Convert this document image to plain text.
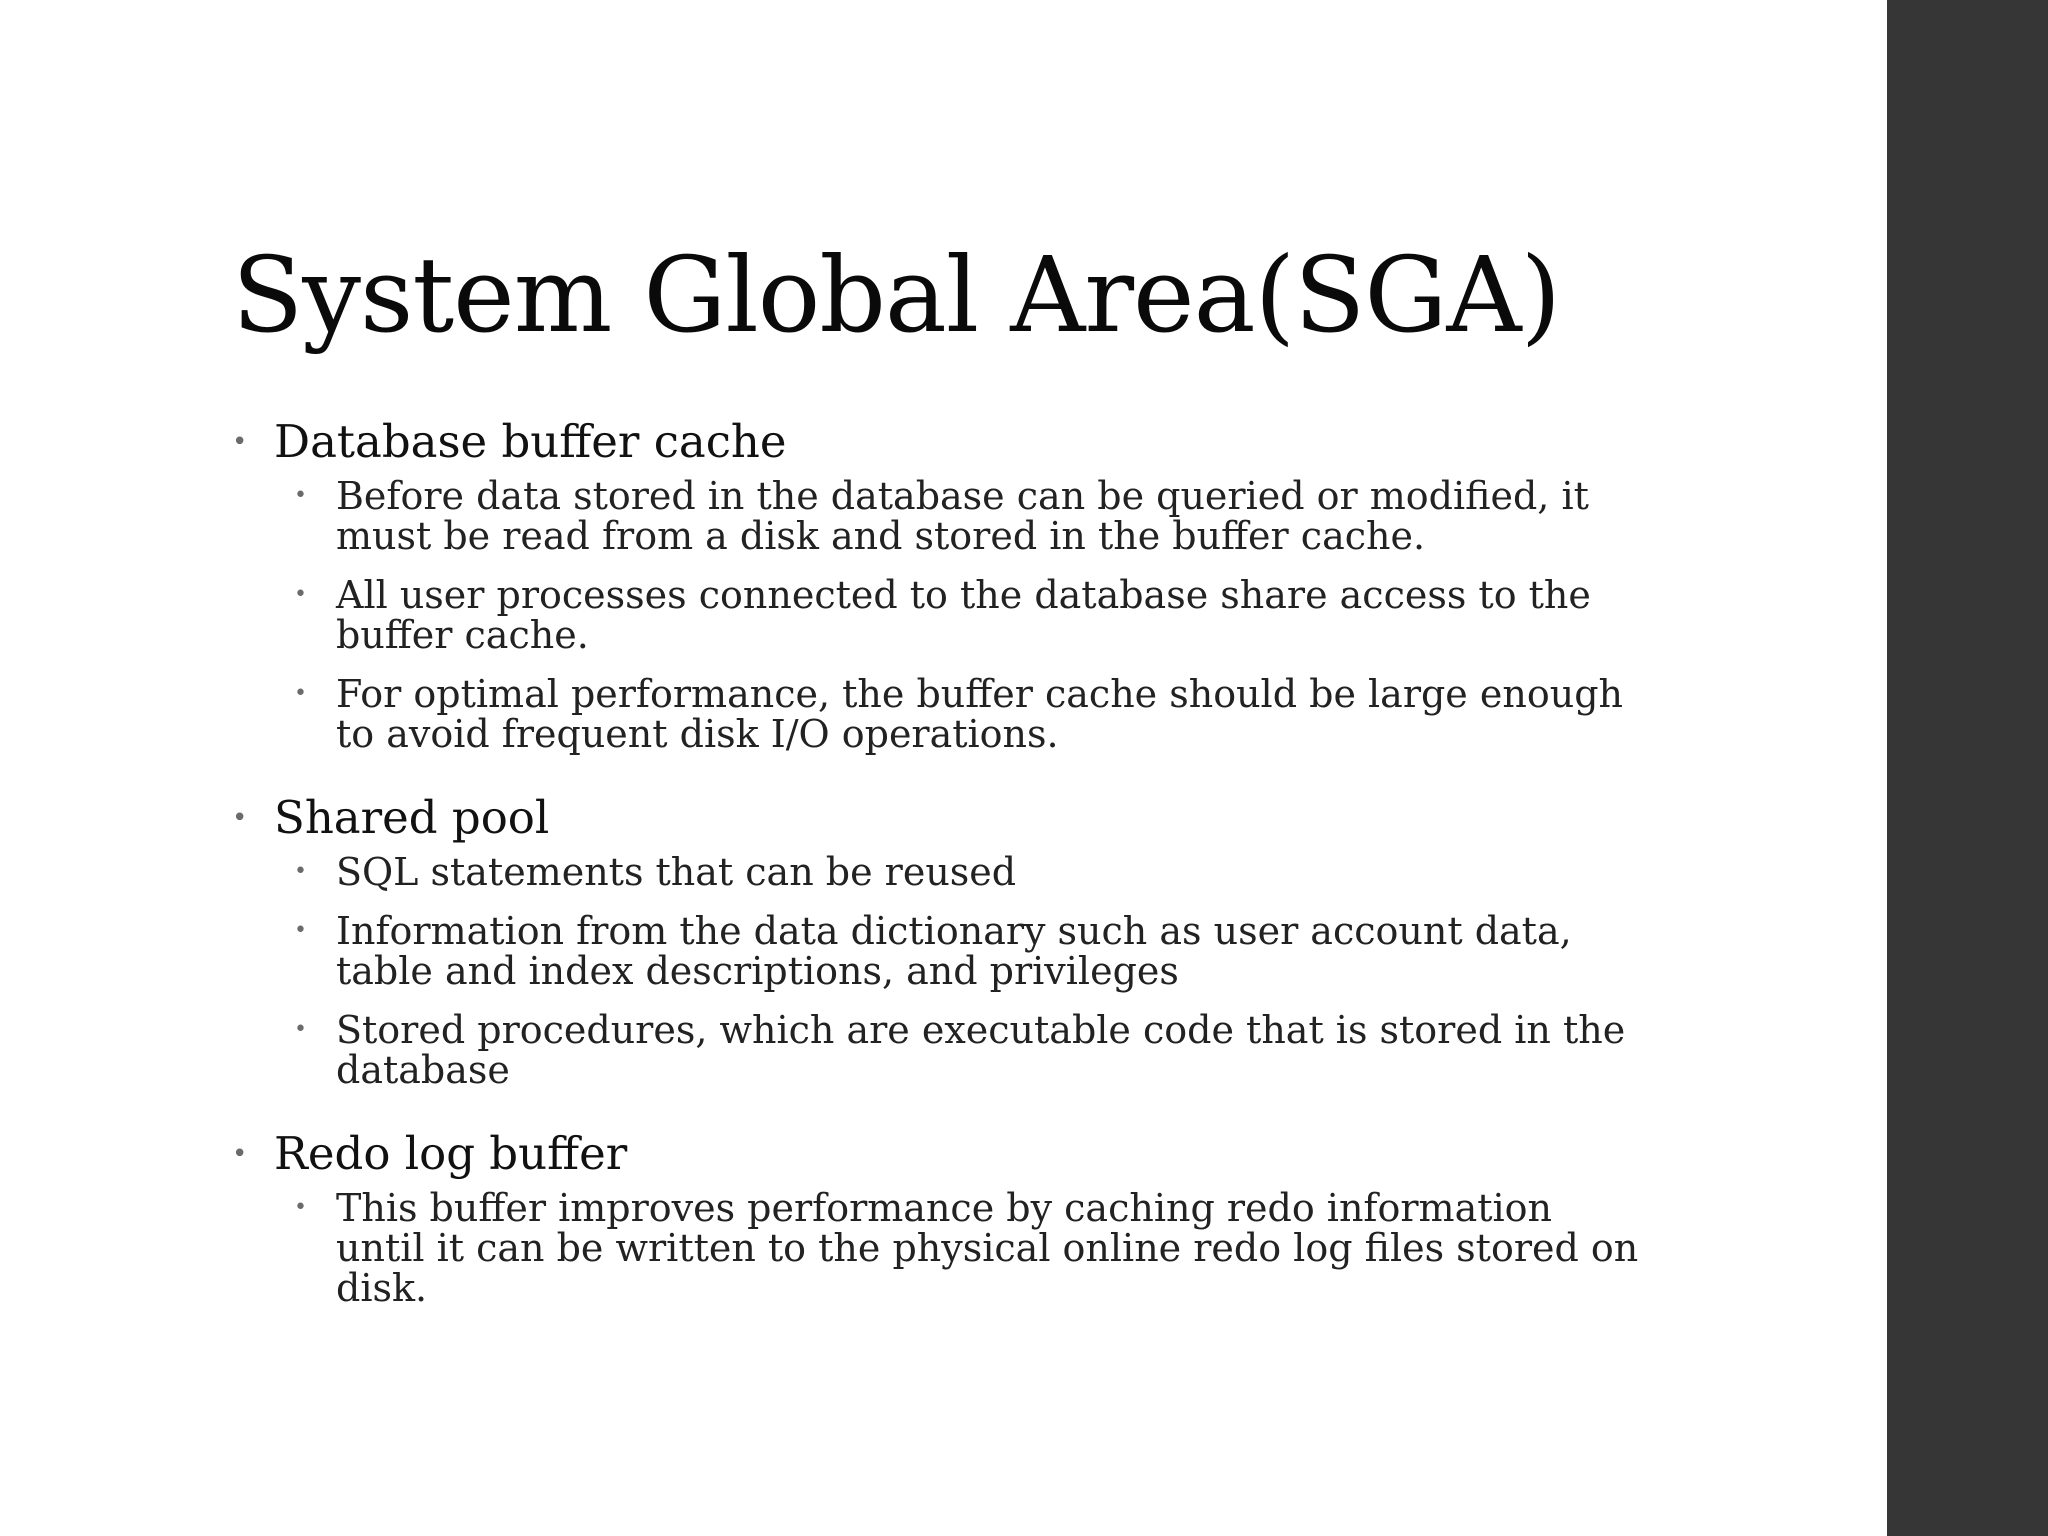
System Global Area(SGA)
• Database buffer cache
• Before data stored in the database can be queried or modified, it must be read from a disk and stored in the buffer cache.
• All user processes connected to the database share access to the buffer cache.
• For optimal performance, the buffer cache should be large enough to avoid frequent disk I/O operations.
• Shared pool
• SQL statements that can be reused
• Information from the data dictionary such as user account data, table and index descriptions, and privileges
• Stored procedures, which are executable code that is stored in the database
• Redo log buffer
• This buffer improves performance by caching redo information until it can be written to the physical online redo log files stored on disk.
